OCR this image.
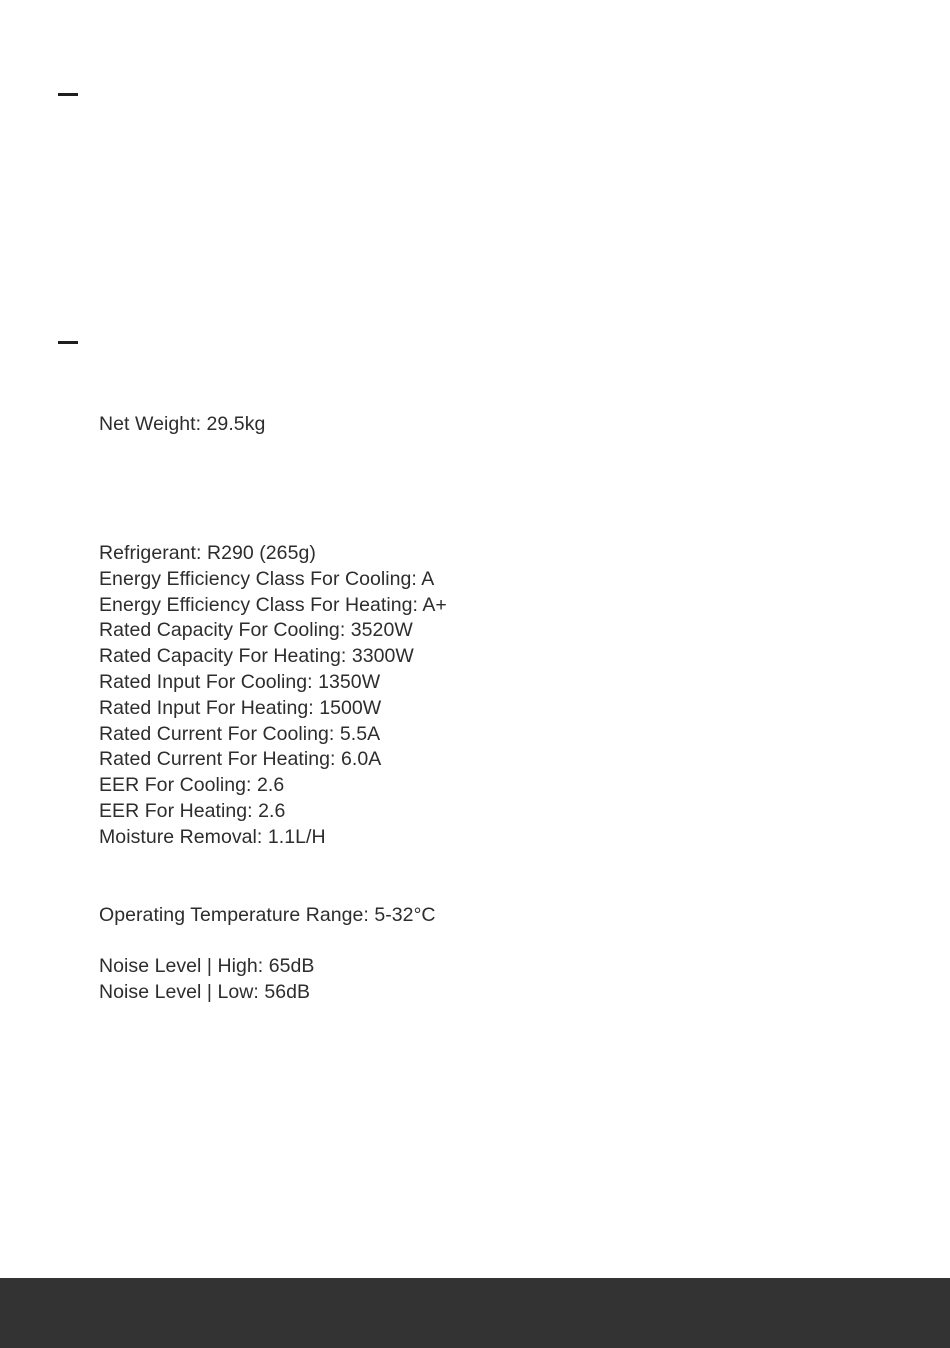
Net Weight: 29.5kg

Refrigerant: R290 (265g)
Energy Efficiency Class For Cooling: A
Energy Efficiency Class For Heating: A+
Rated Capacity For Cooling: 3520W
Rated Capacity For Heating: 3300W
Rated Input For Cooling: 1350W
Rated Input For Heating: 1500W
Rated Current For Cooling: 5.5A
Rated Current For Heating: 6.0A
EER For Cooling: 2.6
EER For Heating: 2.6
Moisture Removal: 1.1L/H

Operating Temperature Range: 5-32°C

Noise Level | High: 65dB
Noise Level | Low: 56dB
